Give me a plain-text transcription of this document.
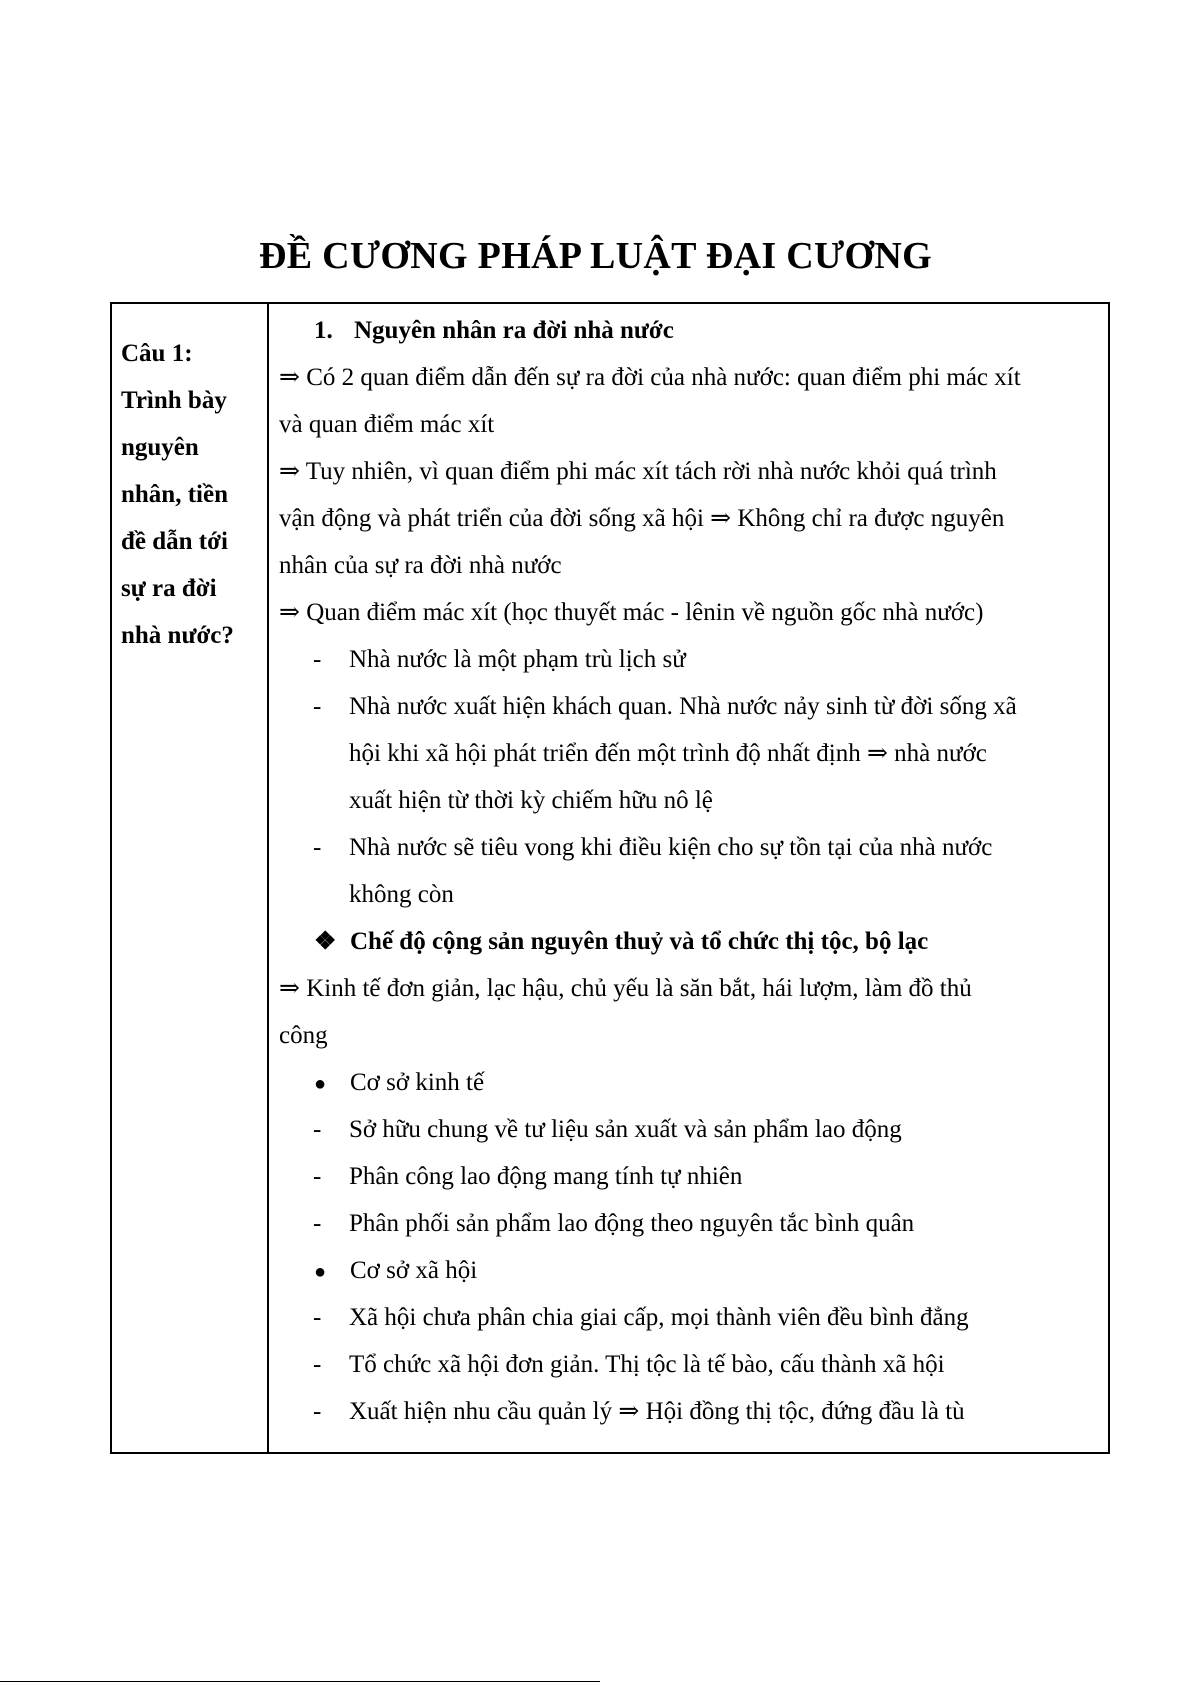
ĐỀ CƯƠNG PHÁP LUẬT ĐẠI CƯƠNG
Câu 1:
Trình bày
nguyên
nhân, tiền
đề dẫn tới
sự ra đời
nhà nước?
1. Nguyên nhân ra đời nhà nước
⇒ Có 2 quan điểm dẫn đến sự ra đời của nhà nước: quan điểm phi mác xít
và quan điểm mác xít
⇒ Tuy nhiên, vì quan điểm phi mác xít tách rời nhà nước khỏi quá trình
vận động và phát triển của đời sống xã hội ⇒ Không chỉ ra được nguyên
nhân của sự ra đời nhà nước
⇒ Quan điểm mác xít (học thuyết mác - lênin về nguồn gốc nhà nước)
- Nhà nước là một phạm trù lịch sử
- Nhà nước xuất hiện khách quan. Nhà nước nảy sinh từ đời sống xã
hội khi xã hội phát triển đến một trình độ nhất định ⇒ nhà nước
xuất hiện từ thời kỳ chiếm hữu nô lệ
- Nhà nước sẽ tiêu vong khi điều kiện cho sự tồn tại của nhà nước
không còn
❖ Chế độ cộng sản nguyên thuỷ và tổ chức thị tộc, bộ lạc
⇒ Kinh tế đơn giản, lạc hậu, chủ yếu là săn bắt, hái lượm, làm đồ thủ
công
● Cơ sở kinh tế
- Sở hữu chung về tư liệu sản xuất và sản phẩm lao động
- Phân công lao động mang tính tự nhiên
- Phân phối sản phẩm lao động theo nguyên tắc bình quân
● Cơ sở xã hội
- Xã hội chưa phân chia giai cấp, mọi thành viên đều bình đẳng
- Tổ chức xã hội đơn giản. Thị tộc là tế bào, cấu thành xã hội
- Xuất hiện nhu cầu quản lý ⇒ Hội đồng thị tộc, đứng đầu là tù
